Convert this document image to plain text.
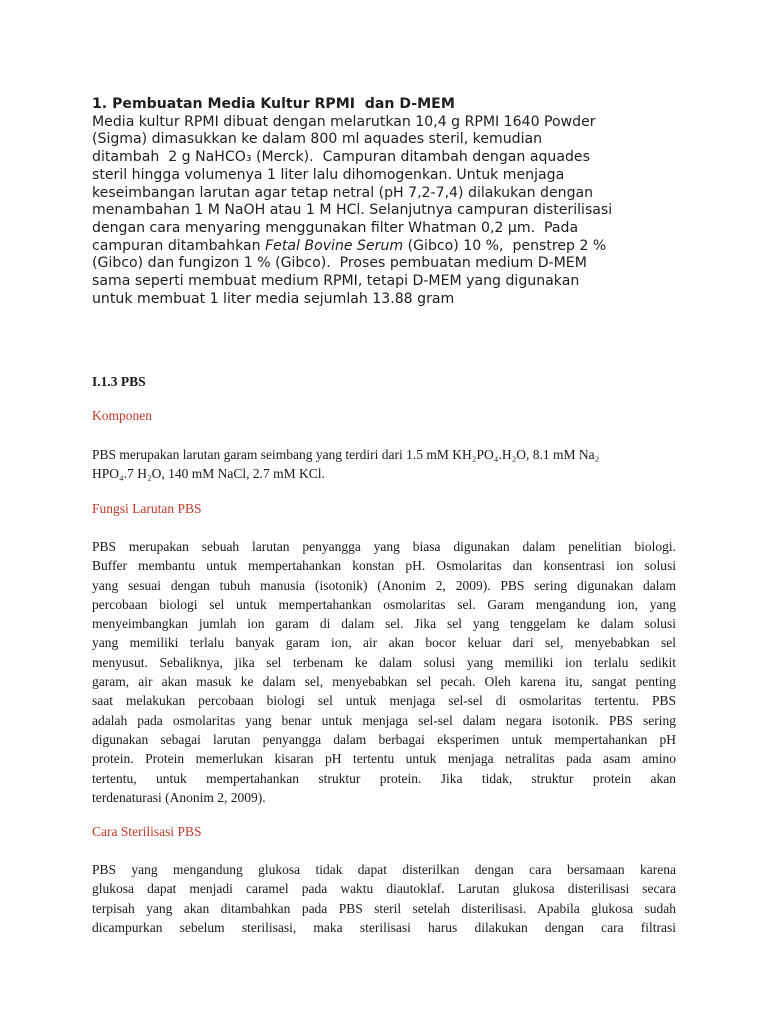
1. Pembuatan Media Kultur RPMI  dan D-MEM

Media kultur RPMI dibuat dengan melarutkan 10,4 g RPMI 1640 Powder

(Sigma) dimasukkan ke dalam 800 ml aquades steril, kemudian

ditambah  2 g NaHCO₃ (Merck).  Campuran ditambah dengan aquades

steril hingga volumenya 1 liter lalu dihomogenkan. Untuk menjaga

keseimbangan larutan agar tetap netral (pH 7,2-7,4) dilakukan dengan

menambahan 1 M NaOH atau 1 M HCl. Selanjutnya campuran disterilisasi

dengan cara menyaring menggunakan filter Whatman 0,2 µm.  Pada

campuran ditambahkan Fetal Bovine Serum (Gibco) 10 %,  penstrep 2 %

(Gibco) dan fungizon 1 % (Gibco).  Proses pembuatan medium D-MEM

sama seperti membuat medium RPMI, tetapi D-MEM yang digunakan

untuk membuat 1 liter media sejumlah 13.88 gram

I.1.3 PBS

Komponen

PBS merupakan larutan garam seimbang yang terdiri dari 1.5 mM KH₂PO₄.H₂O, 8.1 mM Na₂

HPO₄.7 H₂O, 140 mM NaCl, 2.7 mM KCl.

Fungsi Larutan PBS

PBS merupakan sebuah larutan penyangga yang biasa digunakan dalam penelitian biologi.

Buffer membantu untuk mempertahankan konstan pH. Osmolaritas dan konsentrasi ion solusi

yang sesuai dengan tubuh manusia (isotonik) (Anonim 2, 2009). PBS sering digunakan dalam

percobaan biologi sel untuk mempertahankan osmolaritas sel. Garam mengandung ion, yang

menyeimbangkan jumlah ion garam di dalam sel. Jika sel yang tenggelam ke dalam solusi

yang memiliki terlalu banyak garam ion, air akan bocor keluar dari sel, menyebabkan sel

menyusut. Sebaliknya, jika sel terbenam ke dalam solusi yang memiliki ion terlalu sedikit

garam, air akan masuk ke dalam sel, menyebabkan sel pecah. Oleh karena itu, sangat penting

saat melakukan percobaan biologi sel untuk menjaga sel-sel di osmolaritas tertentu. PBS

adalah pada osmolaritas yang benar untuk menjaga sel-sel dalam negara isotonik. PBS sering

digunakan sebagai larutan penyangga dalam berbagai eksperimen untuk mempertahankan pH

protein. Protein memerlukan kisaran pH tertentu untuk menjaga netralitas pada asam amino

tertentu, untuk mempertahankan struktur protein. Jika tidak, struktur protein akan

terdenaturasi (Anonim 2, 2009).

Cara Sterilisasi PBS

PBS yang mengandung glukosa tidak dapat disterilkan dengan cara bersamaan karena

glukosa dapat menjadi caramel pada waktu diautoklaf. Larutan glukosa disterilisasi secara

terpisah yang akan ditambahkan pada PBS steril setelah disterilisasi. Apabila glukosa sudah

dicampurkan sebelum sterilisasi, maka sterilisasi harus dilakukan dengan cara filtrasi
